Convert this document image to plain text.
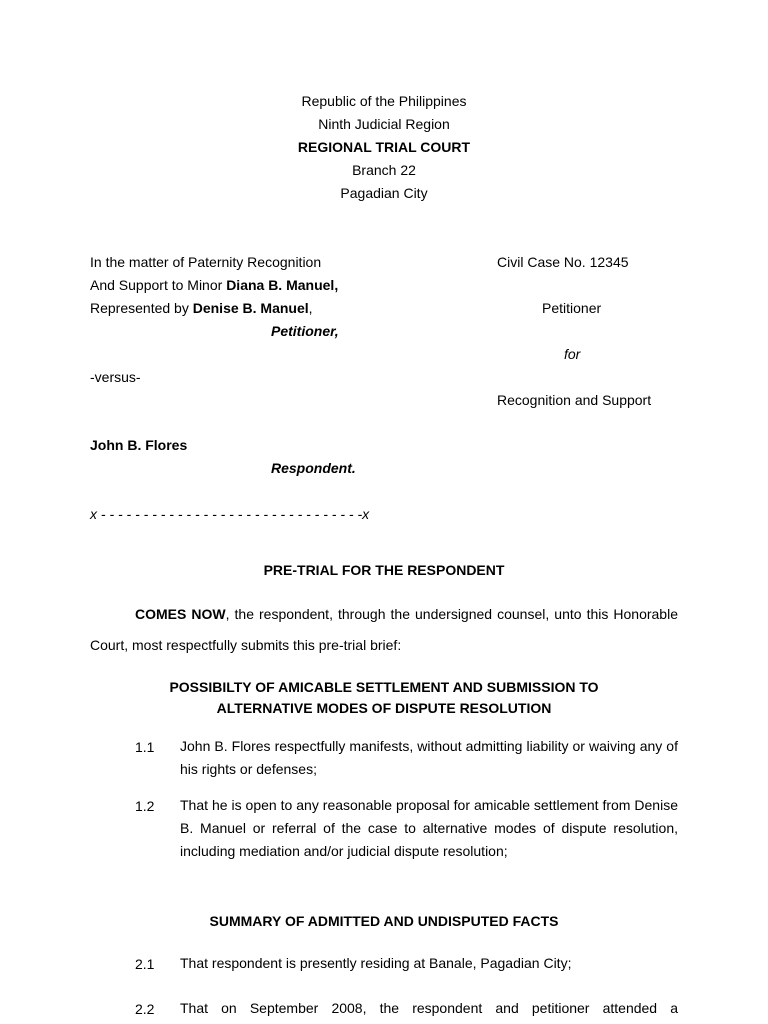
Republic of the Philippines
Ninth Judicial Region
REGIONAL TRIAL COURT
Branch 22
Pagadian City
In the matter of Paternity Recognition
And Support to Minor Diana B. Manuel,
Represented by Denise B. Manuel,
Petitioner,
-versus-
John B. Flores
Respondent.
Civil Case No. 12345
Petitioner
for
Recognition and Support
x - - - - - - - - - - - - - - - - - - - - - - - - - - - - - - -x
PRE-TRIAL FOR THE RESPONDENT
COMES NOW, the respondent, through the undersigned counsel, unto this Honorable Court, most respectfully submits this pre-trial brief:
POSSIBILTY OF AMICABLE SETTLEMENT AND SUBMISSION TO
ALTERNATIVE MODES OF DISPUTE RESOLUTION
1.1 John B. Flores respectfully manifests, without admitting liability or waiving any of his rights or defenses;
1.2 That he is open to any reasonable proposal for amicable settlement from Denise B. Manuel or referral of the case to alternative modes of dispute resolution, including mediation and/or judicial dispute resolution;
SUMMARY OF ADMITTED AND UNDISPUTED FACTS
2.1 That respondent is presently residing at Banale, Pagadian City;
2.2 That on September 2008, the respondent and petitioner attended a
